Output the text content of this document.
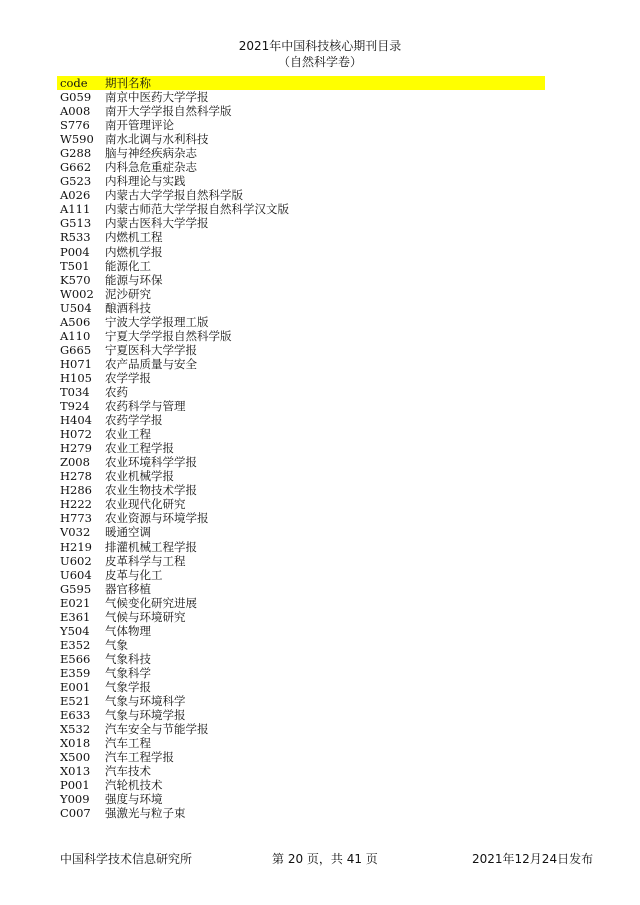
2021年中国科技核心期刊目录
（自然科学卷）
code 期刊名称
G059 南京中医药大学学报
A008 南开大学学报自然科学版
S776 南开管理评论
W590 南水北调与水利科技
G288 脑与神经疾病杂志
G662 内科急危重症杂志
G523 内科理论与实践
A026 内蒙古大学学报自然科学版
A111 内蒙古师范大学学报自然科学汉文版
G513 内蒙古医科大学学报
R533 内燃机工程
P004 内燃机学报
T501 能源化工
K570 能源与环保
W002 泥沙研究
U504 酿酒科技
A506 宁波大学学报理工版
A110 宁夏大学学报自然科学版
G665 宁夏医科大学学报
H071 农产品质量与安全
H105 农学学报
T034 农药
T924 农药科学与管理
H404 农药学学报
H072 农业工程
H279 农业工程学报
Z008 农业环境科学学报
H278 农业机械学报
H286 农业生物技术学报
H222 农业现代化研究
H773 农业资源与环境学报
V032 暖通空调
H219 排灌机械工程学报
U602 皮革科学与工程
U604 皮革与化工
G595 器官移植
E021 气候变化研究进展
E361 气候与环境研究
Y504 气体物理
E352 气象
E566 气象科技
E359 气象科学
E001 气象学报
E521 气象与环境科学
E633 气象与环境学报
X532 汽车安全与节能学报
X018 汽车工程
X500 汽车工程学报
X013 汽车技术
P001 汽轮机技术
Y009 强度与环境
C007 强激光与粒子束
中国科学技术信息研究所	第 20 页，共 41 页	2021年12月24日发布
